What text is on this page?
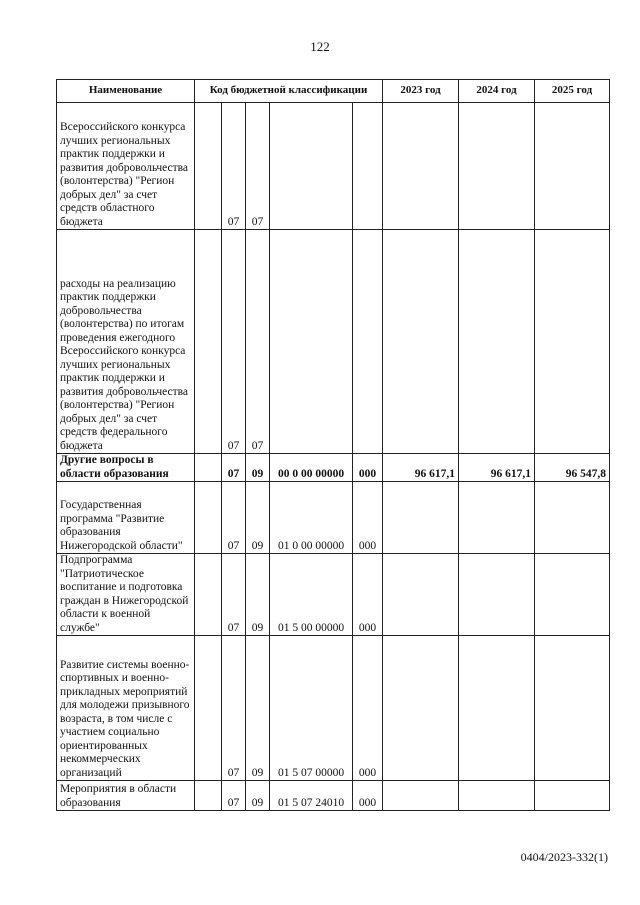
122
Наименование	Код бюджетной классификации					2023 год	2024 год	2025 год
Всероссийского конкурса лучших региональных практик поддержки и развития добровольчества (волонтерства) "Регион добрых дел" за счет средств областного бюджета		07	07					
расходы на реализацию практик поддержки добровольчества (волонтерства) по итогам проведения ежегодного Всероссийского конкурса лучших региональных практик поддержки и развития добровольчества (волонтерства) "Регион добрых дел" за счет средств федерального бюджета		07	07					
Другие вопросы в области образования		07	09	00 0 00 00000	000	96 617,1	96 617,1	96 547,8
Государственная программа "Развитие образования Нижегородской области"		07	09	01 0 00 00000	000			
Подпрограмма "Патриотическое воспитание и подготовка граждан в Нижегородской области к военной службе"		07	09	01 5 00 00000	000			
Развитие системы военно-спортивных и военно-прикладных мероприятий для молодежи призывного возраста, в том числе с участием социально ориентированных некоммерческих организаций		07	09	01 5 07 00000	000			
Мероприятия в области образования		07	09	01 5 07 24010	000			
0404/2023-332(1)
